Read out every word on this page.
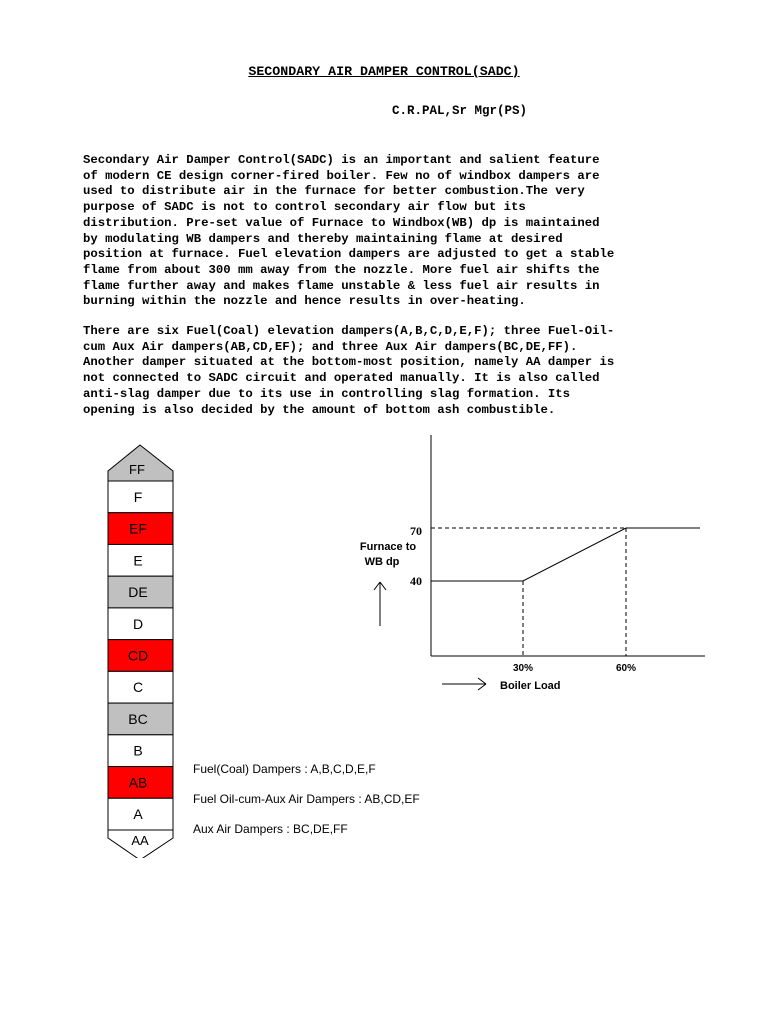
SECONDARY AIR DAMPER CONTROL(SADC)
C.R.PAL,Sr Mgr(PS)
Secondary Air Damper Control(SADC) is an important and salient feature
of modern CE design corner-fired boiler. Few no of windbox dampers are
used to distribute air in the furnace for better combustion.The very
purpose of SADC is not to control secondary air flow but its
distribution. Pre-set value of Furnace to Windbox(WB) dp is maintained
by modulating WB dampers and thereby maintaining flame at desired
position at furnace. Fuel elevation dampers are adjusted to get a stable
flame from about 300 mm away from the nozzle. More fuel air shifts the
flame further away and makes flame unstable & less fuel air results in
burning within the nozzle and hence results in over-heating.
There are six Fuel(Coal) elevation dampers(A,B,C,D,E,F); three Fuel-Oil-
cum Aux Air dampers(AB,CD,EF); and three Aux Air dampers(BC,DE,FF).
Another damper situated at the bottom-most position, namely AA damper is
not connected to SADC circuit and operated manually. It is also called
anti-slag damper due to its use in controlling slag formation. Its
opening is also decided by the amount of bottom ash combustible.
FF
F
EF
E
DE
D
CD
C
BC
B
AB
A
AA
Fuel(Coal) Dampers : A,B,C,D,E,F
Fuel Oil-cum-Aux Air Dampers : AB,CD,EF
Aux Air Dampers : BC,DE,FF
Furnace to
WB dp
Boiler Load
70
40
30%	60%
